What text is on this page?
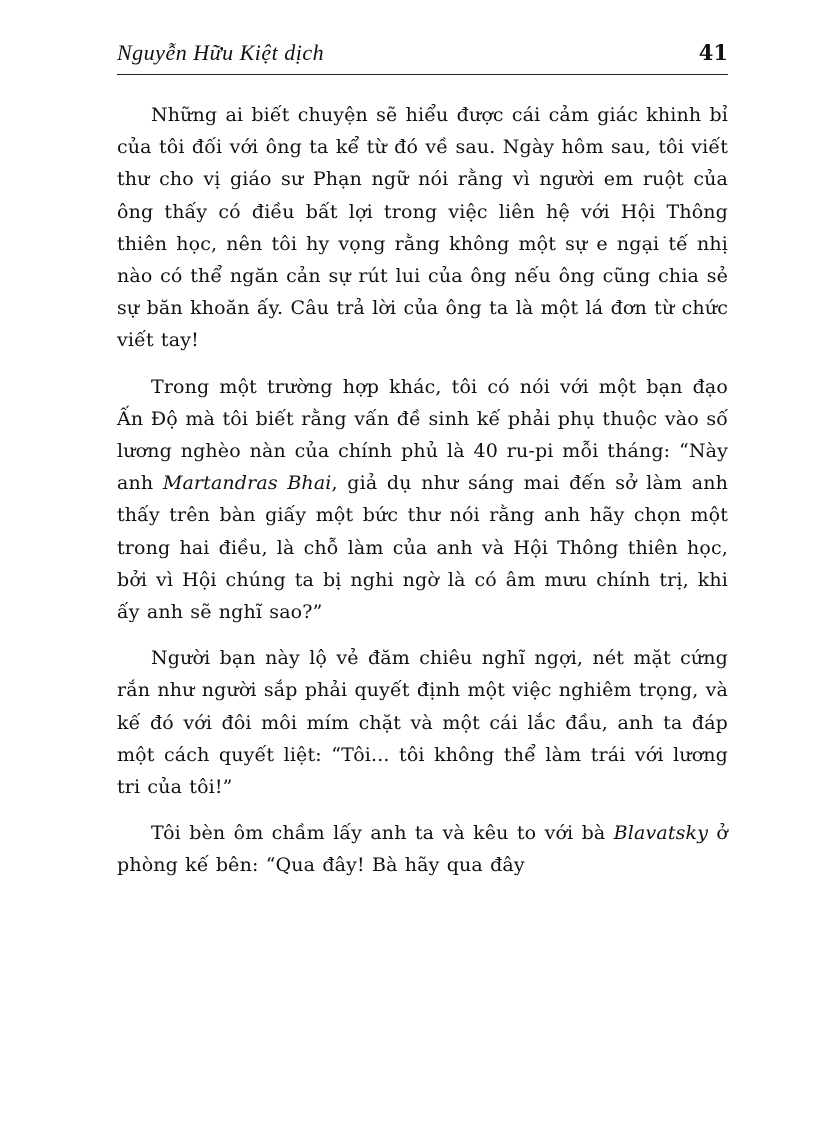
Nguyễn Hữu Kiệt dịch	41

Những ai biết chuyện sẽ hiểu được cái cảm giác khinh bỉ của tôi đối với ông ta kể từ đó về sau. Ngày hôm sau, tôi viết thư cho vị giáo sư Phạn ngữ nói rằng vì người em ruột của ông thấy có điều bất lợi trong việc liên hệ với Hội Thông thiên học, nên tôi hy vọng rằng không một sự e ngại tế nhị nào có thể ngăn cản sự rút lui của ông nếu ông cũng chia sẻ sự băn khoăn ấy. Câu trả lời của ông ta là một lá đơn từ chức viết tay!

Trong một trường hợp khác, tôi có nói với một bạn đạo Ấn Độ mà tôi biết rằng vấn đề sinh kế phải phụ thuộc vào số lương nghèo nàn của chính phủ là 40 ru-pi mỗi tháng: “Này anh Martandras Bhai, giả dụ như sáng mai đến sở làm anh thấy trên bàn giấy một bức thư nói rằng anh hãy chọn một trong hai điều, là chỗ làm của anh và Hội Thông thiên học, bởi vì Hội chúng ta bị nghi ngờ là có âm mưu chính trị, khi ấy anh sẽ nghĩ sao?”

Người bạn này lộ vẻ đăm chiêu nghĩ ngợi, nét mặt cứng rắn như người sắp phải quyết định một việc nghiêm trọng, và kế đó với đôi môi mím chặt và một cái lắc đầu, anh ta đáp một cách quyết liệt: “Tôi... tôi không thể làm trái với lương tri của tôi!”

Tôi bèn ôm chầm lấy anh ta và kêu to với bà Blavatsky ở phòng kế bên: “Qua đây! Bà hãy qua đây
